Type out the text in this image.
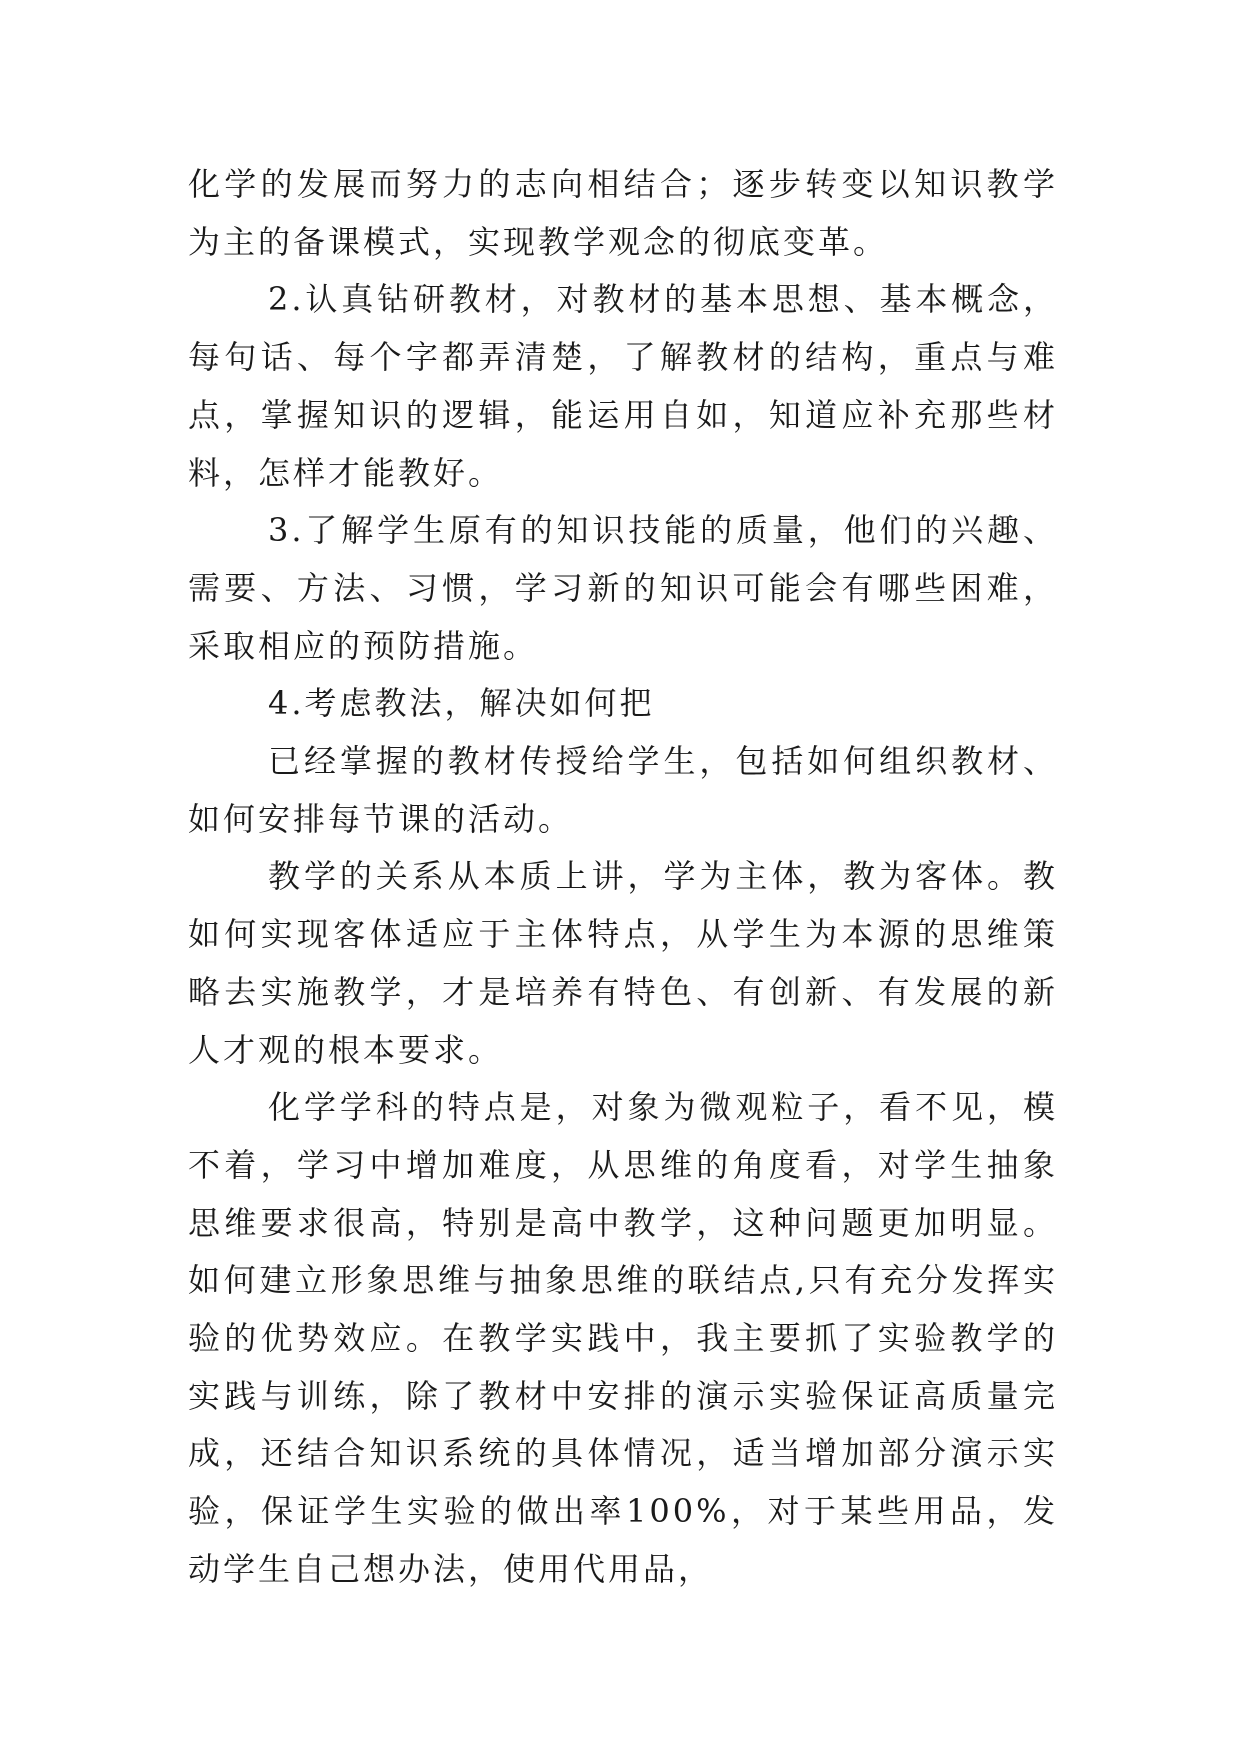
化学的发展而努力的志向相结合；逐步转变以知识教学为主的备课模式，实现教学观念的彻底变革。

2.认真钻研教材，对教材的基本思想、基本概念，每句话、每个字都弄清楚，了解教材的结构，重点与难点，掌握知识的逻辑，能运用自如，知道应补充那些材料，怎样才能教好。

3.了解学生原有的知识技能的质量，他们的兴趣、需要、方法、习惯，学习新的知识可能会有哪些困难，采取相应的预防措施。

4.考虑教法，解决如何把

已经掌握的教材传授给学生，包括如何组织教材、如何安排每节课的活动。

教学的关系从本质上讲，学为主体，教为客体。教如何实现客体适应于主体特点，从学生为本源的思维策略去实施教学，才是培养有特色、有创新、有发展的新人才观的根本要求。

化学学科的特点是，对象为微观粒子，看不见，模不着，学习中增加难度，从思维的角度看，对学生抽象思维要求很高，特别是高中教学，这种问题更加明显。如何建立形象思维与抽象思维的联结点,只有充分发挥实验的优势效应。在教学实践中，我主要抓了实验教学的实践与训练，除了教材中安排的演示实验保证高质量完成，还结合知识系统的具体情况，适当增加部分演示实验，保证学生实验的做出率100%，对于某些用品，发动学生自己想办法，使用代用品，
